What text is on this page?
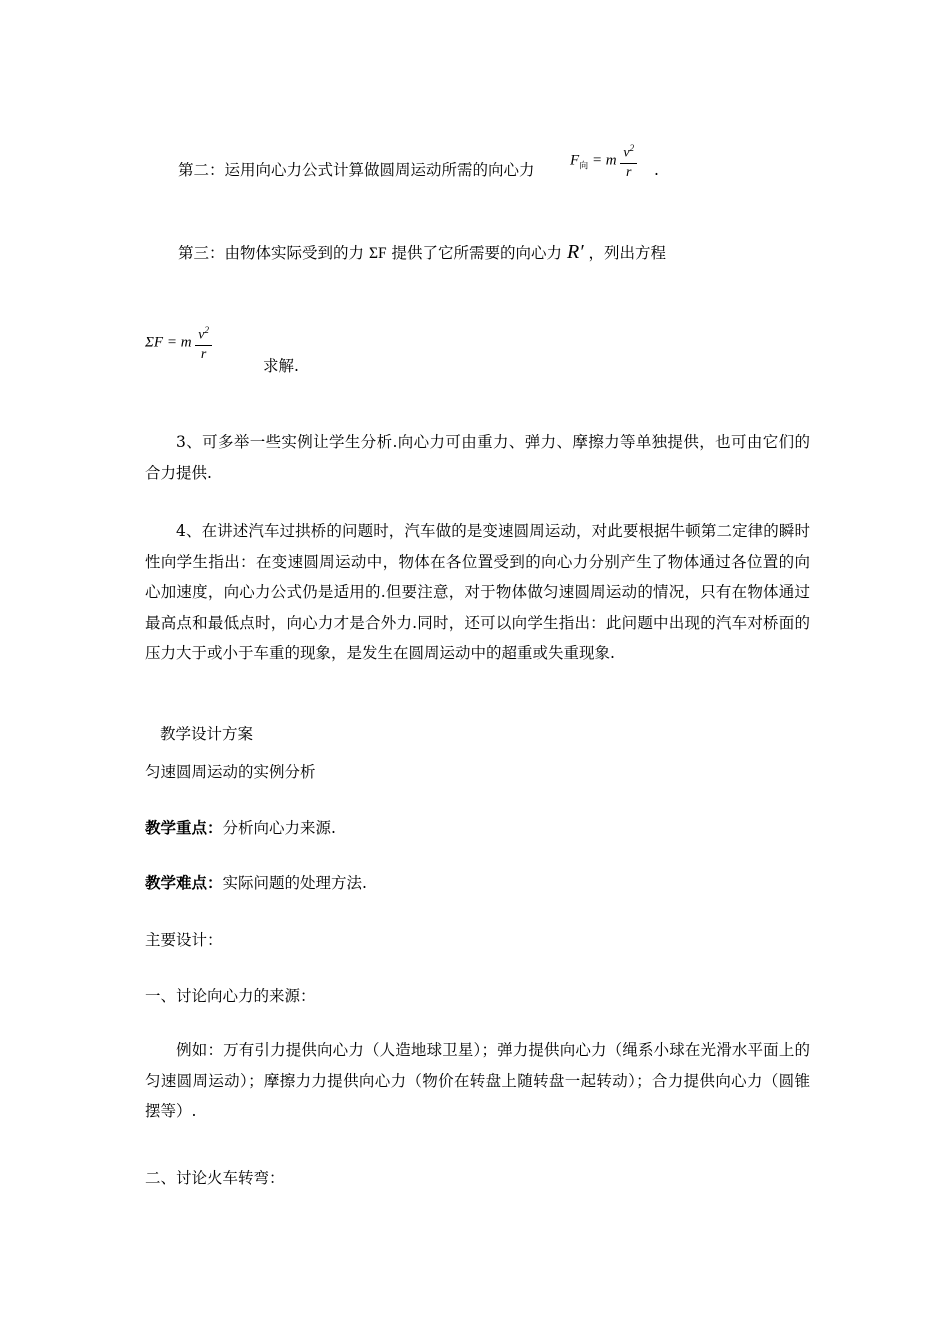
第二：运用向心力公式计算做圆周运动所需的向心力
$F_向 = m \frac{v^2}{r}$ .
第三：由物体实际受到的力 ΣF 提供了它所需要的向心力 R′ ，列出方程
ΣF = m $\frac{v^2}{r}$
求解.
3、可多举一些实例让学生分析.向心力可由重力、弹力、摩擦力等单独提供，也可由它们的合力提供.
4、在讲述汽车过拱桥的问题时，汽车做的是变速圆周运动，对此要根据牛顿第二定律的瞬时性向学生指出：在变速圆周运动中，物体在各位置受到的向心力分别产生了物体通过各位置的向心加速度，向心力公式仍是适用的.但要注意，对于物体做匀速圆周运动的情况，只有在物体通过最高点和最低点时，向心力才是合外力.同时，还可以向学生指出：此问题中出现的汽车对桥面的压力大于或小于车重的现象，是发生在圆周运动中的超重或失重现象.
教学设计方案
匀速圆周运动的实例分析
教学重点：分析向心力来源.
教学难点：实际问题的处理方法.
主要设计：
一、讨论向心力的来源：
例如：万有引力提供向心力（人造地球卫星）；弹力提供向心力（绳系小球在光滑水平面上的匀速圆周运动）；摩擦力力提供向心力（物价在转盘上随转盘一起转动）；合力提供向心力（圆锥摆等）.
二、讨论火车转弯：
